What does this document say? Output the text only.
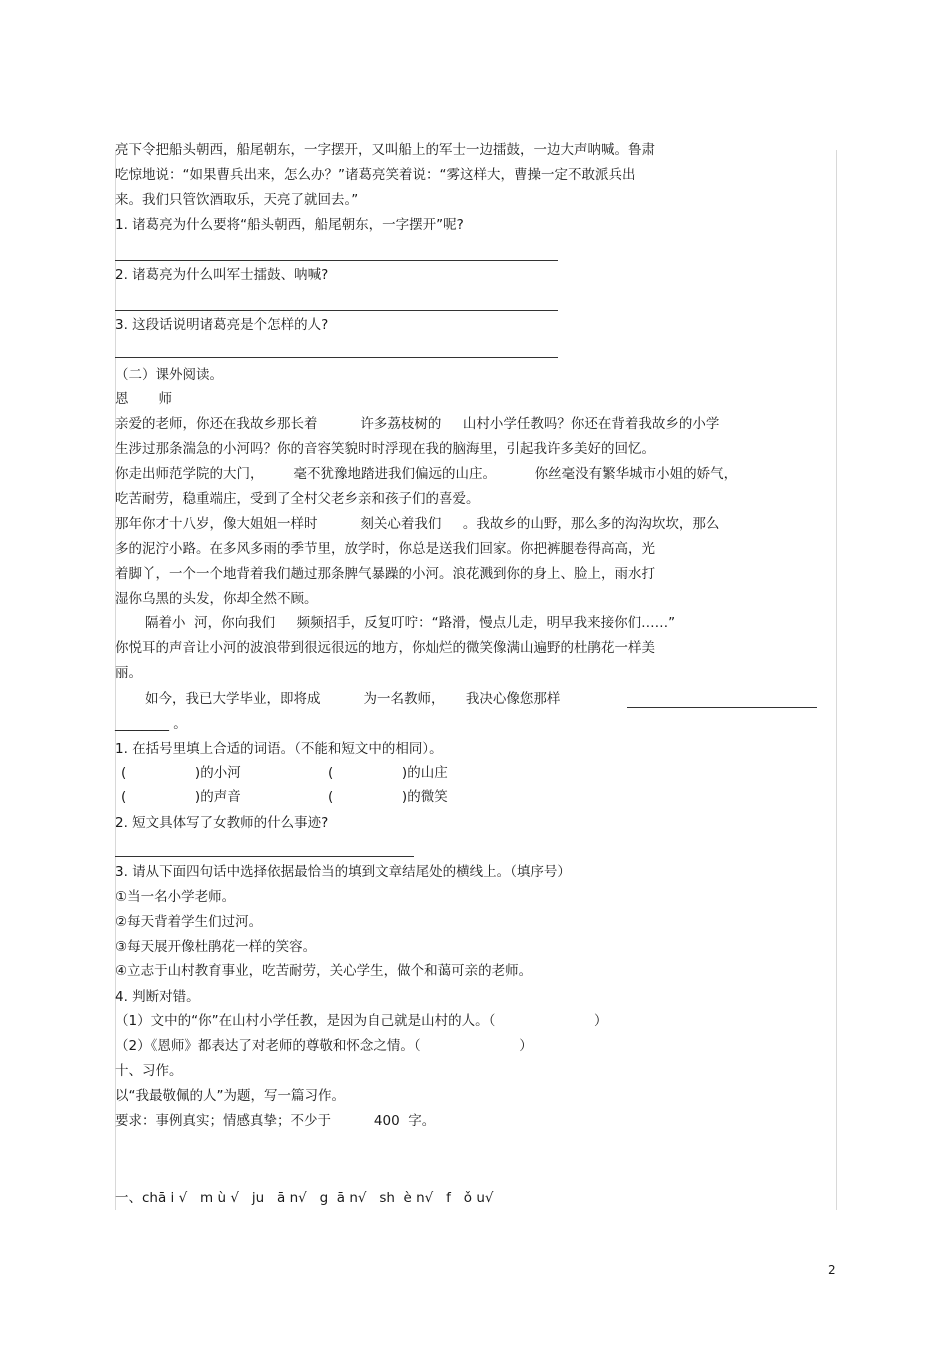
亮下令把船头朝西，船尾朝东，一字摆开，又叫船上的军士一边擂鼓，一边大声呐喊。鲁肃
吃惊地说：“如果曹兵出来，怎么办？”诸葛亮笑着说：“雾这样大，曹操一定不敢派兵出
来。我们只管饮酒取乐，天亮了就回去。”
1. 诸葛亮为什么要将“船头朝西，船尾朝东，一字摆开”呢?
2. 诸葛亮为什么叫军士擂鼓、呐喊?
3. 这段话说明诸葛亮是个怎样的人?
（二）课外阅读。
恩       师
亲爱的老师，你还在我故乡那长着          许多荔枝树的     山村小学任教吗？你还在背着我故乡的小学
生涉过那条湍急的小河吗？你的音容笑貌时时浮现在我的脑海里，引起我许多美好的回忆。
你走出师范学院的大门，       毫不犹豫地踏进我们偏远的山庄。         你丝毫没有繁华城市小姐的娇气，
吃苦耐劳，稳重端庄，受到了全村父老乡亲和孩子们的喜爱。
那年你才十八岁，像大姐姐一样时          刻关心着我们     。我故乡的山野，那么多的沟沟坎坎，那么
多的泥泞小路。在多风多雨的季节里，放学时，你总是送我们回家。你把裤腿卷得高高，光
着脚丫，一个一个地背着我们趟过那条脾气暴躁的小河。浪花溅到你的身上、脸上，雨水打
湿你乌黑的头发，你却全然不顾。
隔着小  河，你向我们     频频招手，反复叮咛：“路滑，慢点儿走，明早我来接你们……”
你悦耳的声音让小河的波浪带到很远很远的地方，你灿烂的微笑像满山遍野的杜鹃花一样美
丽。
如今，我已大学毕业，即将成          为一名教师，     我决心像您那样
________ 。
1. 在括号里填上合适的词语。（不能和短文中的相同）。
(                )的小河	(                )的山庄
(                )的声音	(                )的微笑
2. 短文具体写了女教师的什么事迹?
3. 请从下面四句话中选择依据最恰当的填到文章结尾处的横线上。（填序号）
①当一名小学老师。
②每天背着学生们过河。
③每天展开像杜鹃花一样的笑容。
④立志于山村教育事业，吃苦耐劳，关心学生，做个和蔼可亲的老师。
4. 判断对错。
（1）文中的“你”在山村小学任教，是因为自己就是山村的人。（                       ）
（2）《恩师》都表达了对老师的尊敬和怀念之情。（                       ）
十、习作。
以“我最敬佩的人”为题，写一篇习作。
要求：事例真实；情感真挚；不少于          400  字。
一、chā i √   m ù √   ju   ā n√   g  ā n√   sh  è n√   f   ǒ u√
2
